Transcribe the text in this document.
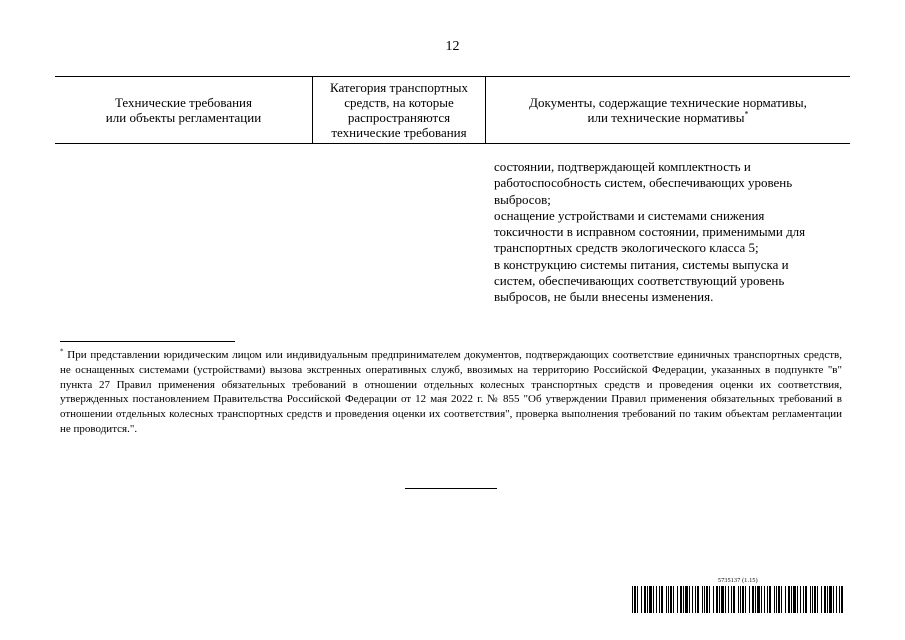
12
Технические требования
или объекты регламентации
Категория транспортных
средств, на которые
распространяются
технические требования
Документы, содержащие технические нормативы,
или технические нормативы*
состоянии, подтверждающей комплектность и
работоспособность систем, обеспечивающих уровень
выбросов;
оснащение устройствами и системами снижения
токсичности в исправном состоянии, применимыми для
транспортных средств экологического класса 5;
в конструкцию системы питания, системы выпуска и
систем, обеспечивающих соответствующий уровень
выбросов, не были внесены изменения.
* При представлении юридическим лицом или индивидуальным предпринимателем документов, подтверждающих соответствие единичных транспортных средств, не оснащенных системами (устройствами) вызова экстренных оперативных служб, ввозимых на территорию Российской Федерации, указанных в подпункте "в" пункта 27 Правил применения обязательных требований в отношении отдельных колесных транспортных средств и проведения оценки их соответствия, утвержденных постановлением Правительства Российской Федерации от 12 мая 2022 г. № 855 "Об утверждении Правил применения обязательных требований в отношении отдельных колесных транспортных средств и проведения оценки их соответствия", проверка выполнения требований по таким объектам регламентации не проводится.".
5735137 (1.15)
